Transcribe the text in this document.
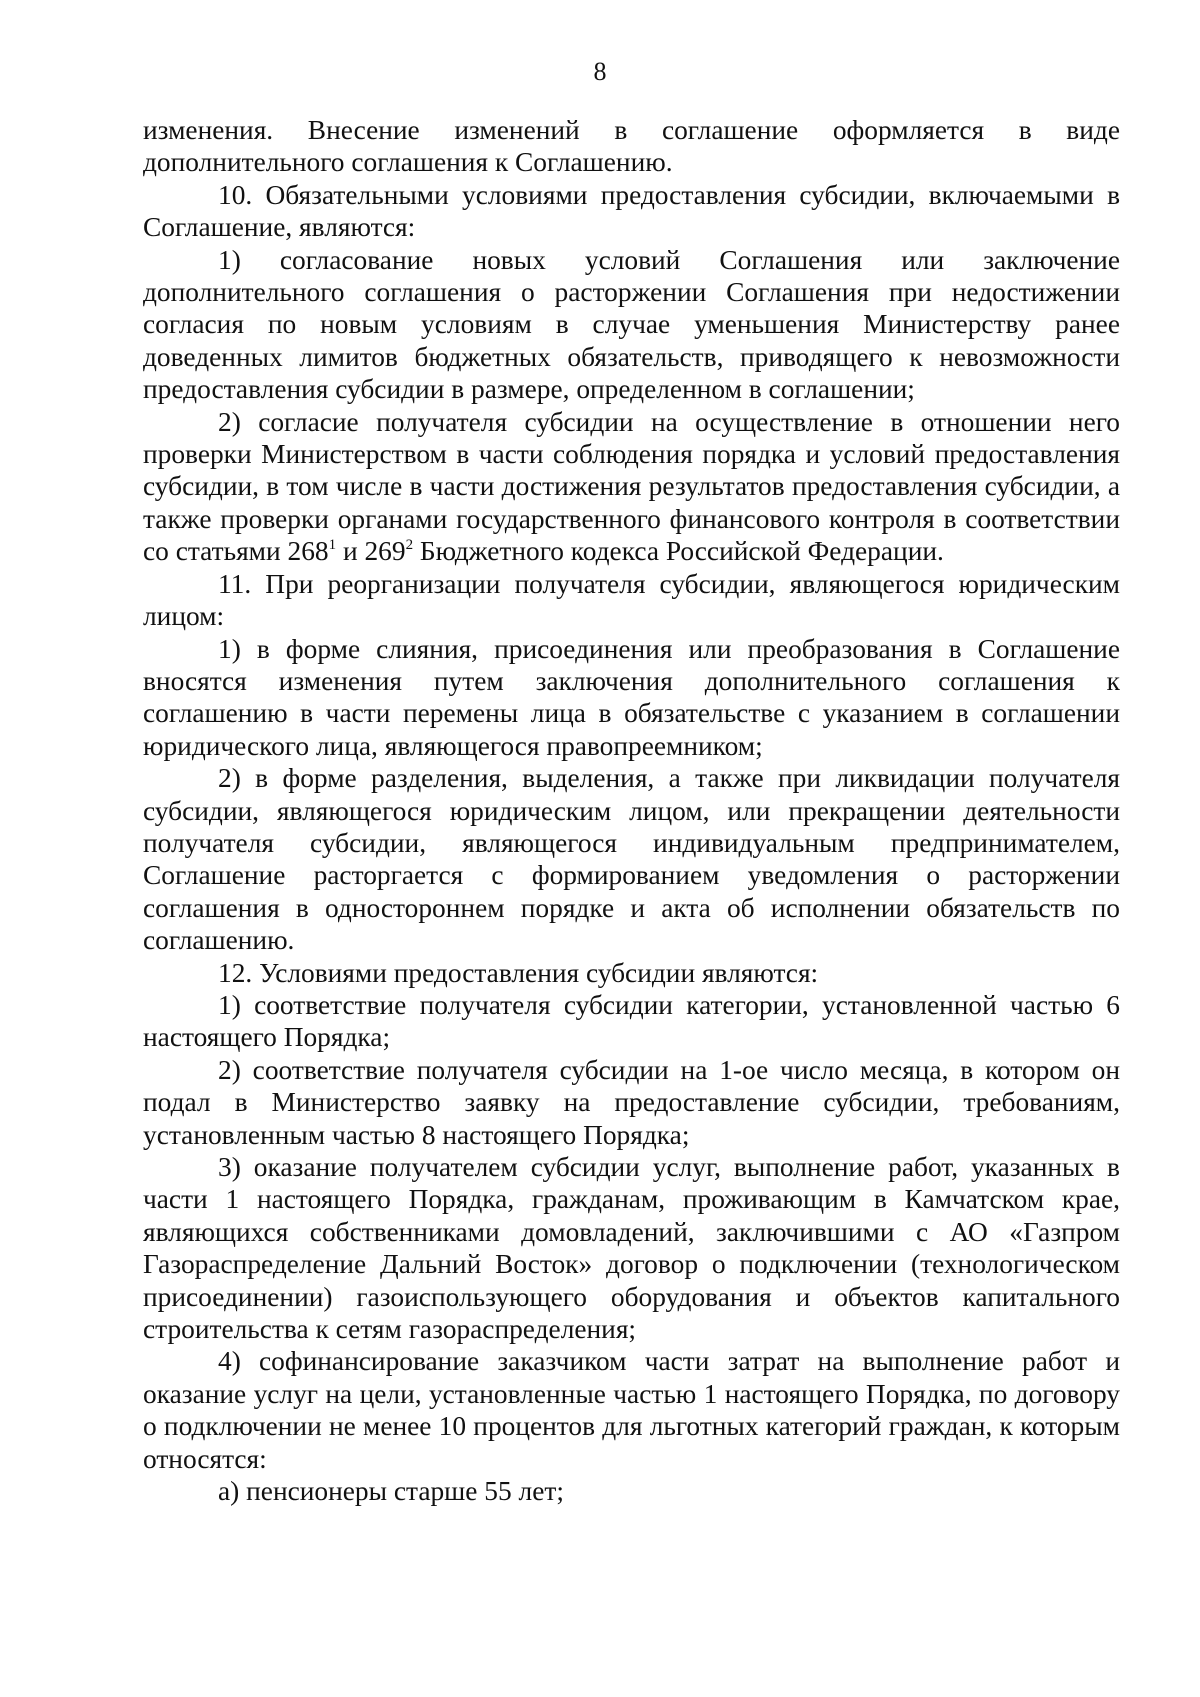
8

изменения. Внесение изменений в соглашение оформляется в виде дополнительного соглашения к Соглашению.

10. Обязательными условиями предоставления субсидии, включаемыми в Соглашение, являются:

1) согласование новых условий Соглашения или заключение дополнительного соглашения о расторжении Соглашения при недостижении согласия по новым условиям в случае уменьшения Министерству ранее доведенных лимитов бюджетных обязательств, приводящего к невозможности предоставления субсидии в размере, определенном в соглашении;

2) согласие получателя субсидии на осуществление в отношении него проверки Министерством в части соблюдения порядка и условий предоставления субсидии, в том числе в части достижения результатов предоставления субсидии, а также проверки органами государственного финансового контроля в соответствии со статьями $268^1$ и $269^2$ Бюджетного кодекса Российской Федерации.

11. При реорганизации получателя субсидии, являющегося юридическим лицом:

1) в форме слияния, присоединения или преобразования в Соглашение вносятся изменения путем заключения дополнительного соглашения к соглашению в части перемены лица в обязательстве с указанием в соглашении юридического лица, являющегося правопреемником;

2) в форме разделения, выделения, а также при ликвидации получателя субсидии, являющегося юридическим лицом, или прекращении деятельности получателя субсидии, являющегося индивидуальным предпринимателем, Соглашение расторгается с формированием уведомления о расторжении соглашения в одностороннем порядке и акта об исполнении обязательств по соглашению.

12. Условиями предоставления субсидии являются:

1) соответствие получателя субсидии категории, установленной частью 6 настоящего Порядка;

2) соответствие получателя субсидии на 1-ое число месяца, в котором он подал в Министерство заявку на предоставление субсидии, требованиям, установленным частью 8 настоящего Порядка;

3) оказание получателем субсидии услуг, выполнение работ, указанных в части 1 настоящего Порядка, гражданам, проживающим в Камчатском крае, являющихся собственниками домовладений, заключившими с АО «Газпром Газораспределение Дальний Восток» договор о подключении (технологическом присоединении) газоиспользующего оборудования и объектов капитального строительства к сетям газораспределения;

4) софинансирование заказчиком части затрат на выполнение работ и оказание услуг на цели, установленные частью 1 настоящего Порядка, по договору о подключении не менее 10 процентов для льготных категорий граждан, к которым относятся:

а) пенсионеры старше 55 лет;
